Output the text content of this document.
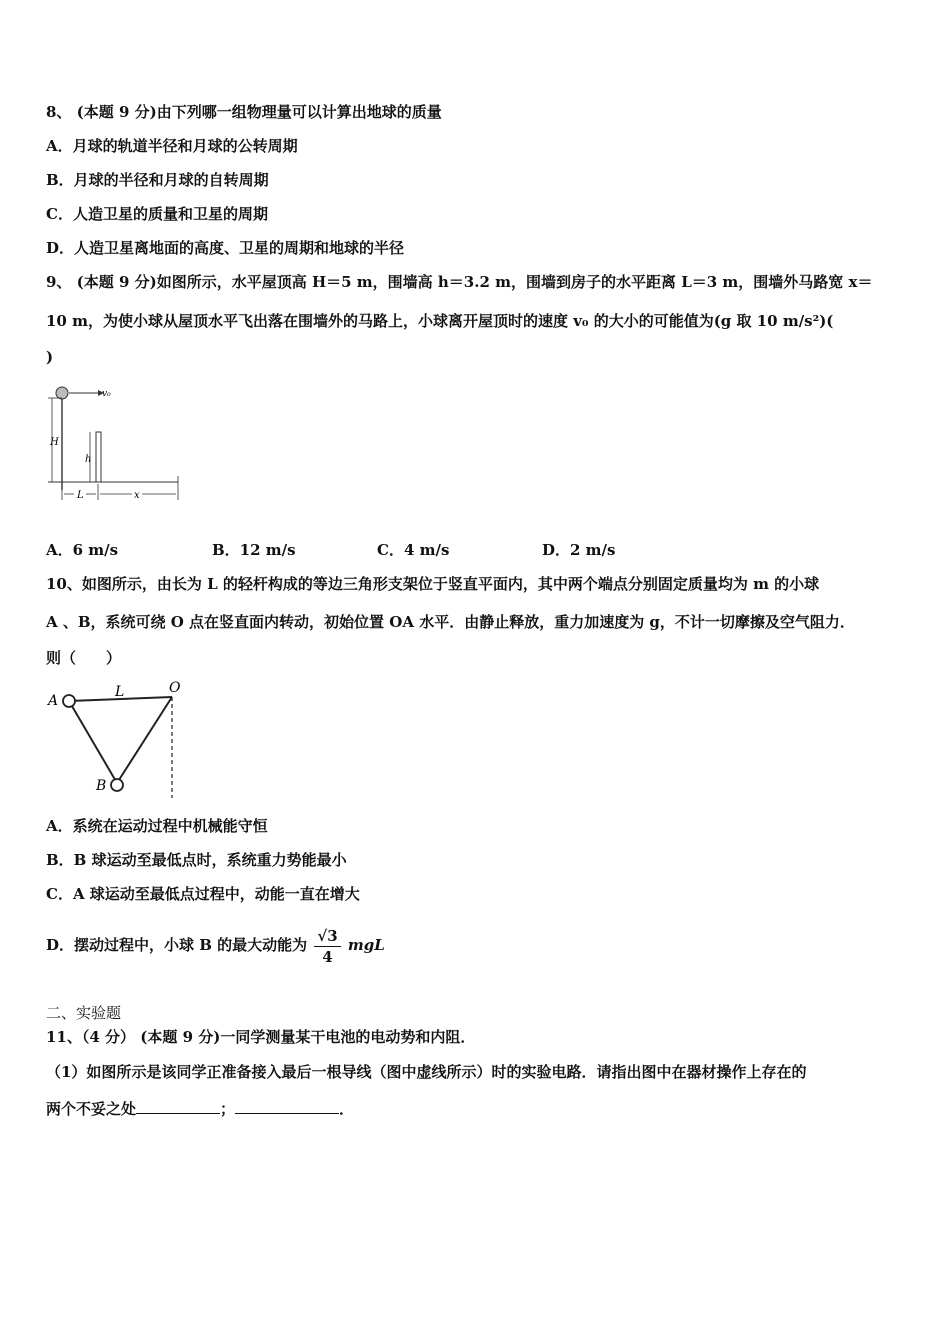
8、 (本题 9 分)由下列哪一组物理量可以计算出地球的质量
A．月球的轨道半径和月球的公转周期
B．月球的半径和月球的自转周期
C．人造卫星的质量和卫星的周期
D．人造卫星离地面的高度、卫星的周期和地球的半径
9、 (本题 9 分)如图所示，水平屋顶高 H＝5 m，围墙高 h＝3.2 m，围墙到房子的水平距离 L＝3 m，围墙外马路宽 x＝
10 m，为使小球从屋顶水平飞出落在围墙外的马路上，小球离开屋顶时的速度 v₀ 的大小的可能值为(g 取 10 m/s²)(
)
v₀
H
h
L	x
A．6 m/s	B．12 m/s	C．4 m/s	D．2 m/s
10、如图所示，由长为 L 的轻杆构成的等边三角形支架位于竖直平面内，其中两个端点分别固定质量均为 m 的小球
A 、B，系统可绕 O 点在竖直面内转动，初始位置 OA 水平．由静止释放，重力加速度为 g，不计一切摩擦及空气阻力．
则（　　）
A
L	O
B
A．系统在运动过程中机械能守恒
B．B 球运动至最低点时，系统重力势能最小
C．A 球运动至最低点过程中，动能一直在增大
D．摆动过程中，小球 B 的最大动能为 $\frac{√3}{4}$ mgL
二、实验题
11、（4 分） (本题 9 分)一同学测量某干电池的电动势和内阻．
（1）如图所示是该同学正准备接入最后一根导线（图中虚线所示）时的实验电路．请指出图中在器材操作上存在的
两个不妥之处	；	．
